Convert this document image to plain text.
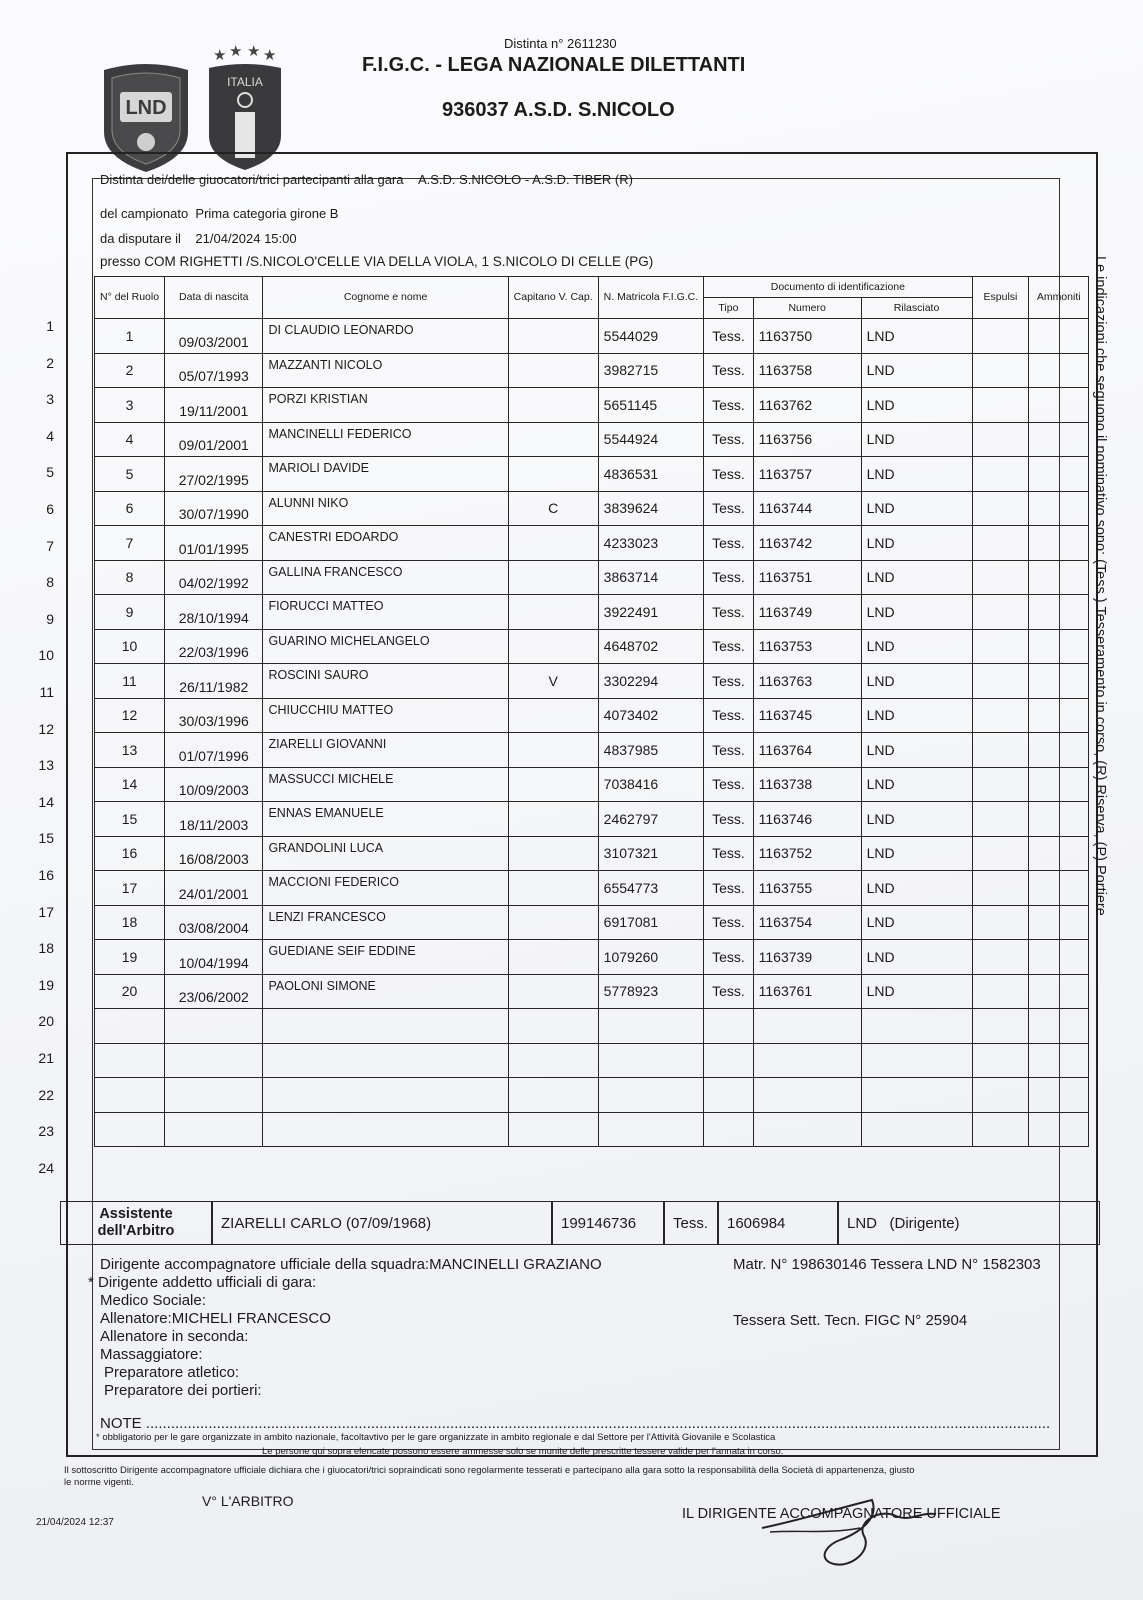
LND
★ ★ ★ ★
ITALIA
Distinta n° 2611230
F.I.G.C. - LEGA NAZIONALE DILETTANTI
936037 A.S.D. S.NICOLO
Distinta dei/delle giuocatori/trici partecipanti alla gara A.S.D. S.NICOLO - A.S.D. TIBER (R)
del campionato Prima categoria girone B
da disputare il 21/04/2024 15:00
presso COM RIGHETTI /S.NICOLO'CELLE VIA DELLA VIOLA, 1 S.NICOLO DI CELLE (PG)
N° del Ruolo	Data di nascita	Cognome e nome	Capitano V. Cap.	N. Matricola F.I.G.C.	Documento di identificazione			Espulsi	Ammoniti
					Tipo	Numero	Rilasciato		
1	09/03/2001	DI CLAUDIO LEONARDO		5544029	Tess.	1163750	LND		
2	05/07/1993	MAZZANTI NICOLO		3982715	Tess.	1163758	LND		
3	19/11/2001	PORZI KRISTIAN		5651145	Tess.	1163762	LND		
4	09/01/2001	MANCINELLI FEDERICO		5544924	Tess.	1163756	LND		
5	27/02/1995	MARIOLI DAVIDE		4836531	Tess.	1163757	LND		
6	30/07/1990	ALUNNI NIKO	C	3839624	Tess.	1163744	LND		
7	01/01/1995	CANESTRI EDOARDO		4233023	Tess.	1163742	LND		
8	04/02/1992	GALLINA FRANCESCO		3863714	Tess.	1163751	LND		
9	28/10/1994	FIORUCCI MATTEO		3922491	Tess.	1163749	LND		
10	22/03/1996	GUARINO MICHELANGELO		4648702	Tess.	1163753	LND		
11	26/11/1982	ROSCINI SAURO	V	3302294	Tess.	1163763	LND		
12	30/03/1996	CHIUCCHIU MATTEO		4073402	Tess.	1163745	LND		
13	01/07/1996	ZIARELLI GIOVANNI		4837985	Tess.	1163764	LND		
14	10/09/2003	MASSUCCI MICHELE		7038416	Tess.	1163738	LND		
15	18/11/2003	ENNAS EMANUELE		2462797	Tess.	1163746	LND		
16	16/08/2003	GRANDOLINI LUCA		3107321	Tess.	1163752	LND		
17	24/01/2001	MACCIONI FEDERICO		6554773	Tess.	1163755	LND		
18	03/08/2004	LENZI FRANCESCO		6917081	Tess.	1163754	LND		
19	10/04/1994	GUEDIANE SEIF EDDINE		1079260	Tess.	1163739	LND		
20	23/06/2002	PAOLONI SIMONE		5778923	Tess.	1163761	LND		

1
2
3
4
5
6
7
8
9
10
11
12
13
14
15
16
17
18
19
20
21
22
23
24
Assistente dell'Arbitro	ZIARELLI CARLO (07/09/1968)	199146736	Tess.	1606984	LND   (Dirigente)
Dirigente accompagnatore ufficiale della squadra:MANCINELLI GRAZIANO	Matr. N° 198630146 Tessera LND N° 1582303
* Dirigente addetto ufficiali di gara:
Medico Sociale:
Allenatore:MICHELI FRANCESCO	Tessera Sett. Tecn. FIGC N° 25904
Allenatore in seconda:
Massaggiatore:
Preparatore atletico:
Preparatore dei portieri:
NOTE .........................................................................................................................................................................................................................
* obbligatorio per le gare organizzate in ambito nazionale, facoltavtivo per le gare organizzate in ambito regionale e dal Settore per l'Attività Giovanile e Scolastica
Le persone qui sopra elencate possono essere ammesse solo se munite delle prescritte tessere valide per l'annata in corso.
Il sottoscritto Dirigente accompagnatore ufficiale dichiara che i giuocatori/trici sopraindicati sono regolarmente tesserati e partecipano alla gara sotto la responsabilità della Società di appartenenza, giusto
le norme vigenti.
V° L'ARBITRO
IL DIRIGENTE ACCOMPAGNATORE UFFICIALE
21/04/2024 12:37
Le indicazioni che seguono il nominativo sono: (Tess.) Tesseramento in corso, (R) Riserva, (P) Portiere
